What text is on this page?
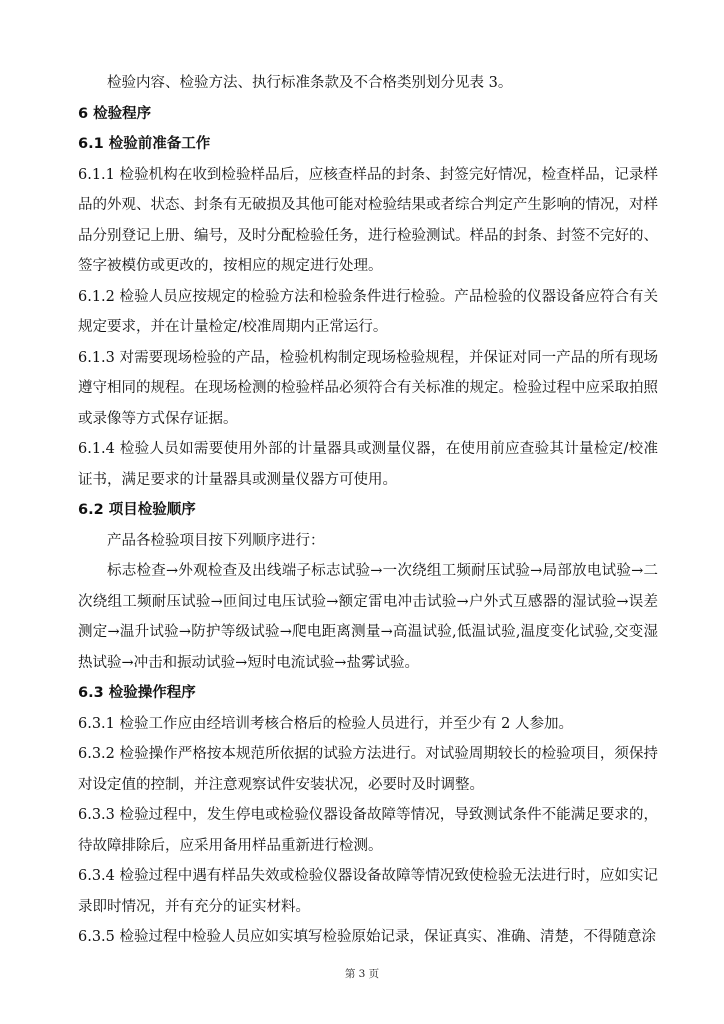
检验内容、检验方法、执行标准条款及不合格类别划分见表 3。

6 检验程序

6.1 检验前准备工作

6.1.1 检验机构在收到检验样品后，应核查样品的封条、封签完好情况，检查样品，记录样品的外观、状态、封条有无破损及其他可能对检验结果或者综合判定产生影响的情况，对样品分别登记上册、编号，及时分配检验任务，进行检验测试。样品的封条、封签不完好的、签字被模仿或更改的，按相应的规定进行处理。

6.1.2 检验人员应按规定的检验方法和检验条件进行检验。产品检验的仪器设备应符合有关规定要求，并在计量检定/校准周期内正常运行。

6.1.3 对需要现场检验的产品，检验机构制定现场检验规程，并保证对同一产品的所有现场遵守相同的规程。在现场检测的检验样品必须符合有关标准的规定。检验过程中应采取拍照或录像等方式保存证据。

6.1.4 检验人员如需要使用外部的计量器具或测量仪器，在使用前应查验其计量检定/校准证书，满足要求的计量器具或测量仪器方可使用。

6.2 项目检验顺序

产品各检验项目按下列顺序进行：

标志检查→外观检查及出线端子标志试验→一次绕组工频耐压试验→局部放电试验→二次绕组工频耐压试验→匝间过电压试验→额定雷电冲击试验→户外式互感器的湿试验→误差测定→温升试验→防护等级试验→爬电距离测量→高温试验,低温试验,温度变化试验,交变湿热试验→冲击和振动试验→短时电流试验→盐雾试验。

6.3 检验操作程序

6.3.1 检验工作应由经培训考核合格后的检验人员进行，并至少有 2 人参加。

6.3.2 检验操作严格按本规范所依据的试验方法进行。对试验周期较长的检验项目，须保持对设定值的控制，并注意观察试件安装状况，必要时及时调整。

6.3.3 检验过程中，发生停电或检验仪器设备故障等情况，导致测试条件不能满足要求的，待故障排除后，应采用备用样品重新进行检测。

6.3.4 检验过程中遇有样品失效或检验仪器设备故障等情况致使检验无法进行时，应如实记录即时情况，并有充分的证实材料。

6.3.5 检验过程中检验人员应如实填写检验原始记录，保证真实、准确、清楚，不得随意涂

第 3 页
